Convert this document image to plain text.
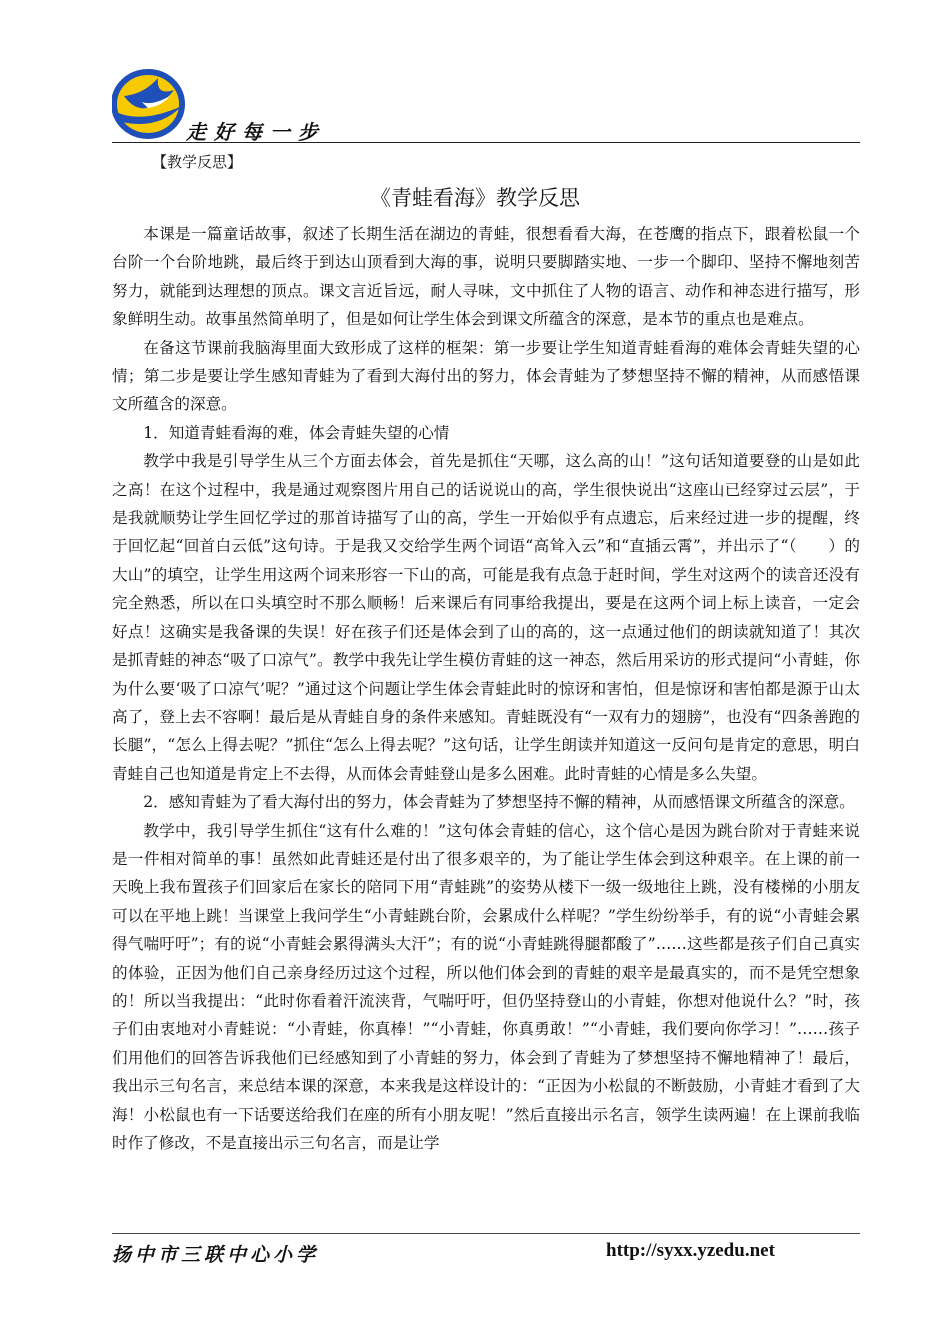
走好每一步
【教学反思】
《青蛙看海》教学反思

本课是一篇童话故事，叙述了长期生活在湖边的青蛙，很想看看大海，在苍鹰的指点下，跟着松鼠一个台阶一个台阶地跳，最后终于到达山顶看到大海的事，说明只要脚踏实地、一步一个脚印、坚持不懈地刻苦努力，就能到达理想的顶点。课文言近旨远，耐人寻味，文中抓住了人物的语言、动作和神态进行描写，形象鲜明生动。故事虽然简单明了，但是如何让学生体会到课文所蕴含的深意，是本节的重点也是难点。

在备这节课前我脑海里面大致形成了这样的框架：第一步要让学生知道青蛙看海的难体会青蛙失望的心情；第二步是要让学生感知青蛙为了看到大海付出的努力，体会青蛙为了梦想坚持不懈的精神，从而感悟课文所蕴含的深意。

1．知道青蛙看海的难，体会青蛙失望的心情

教学中我是引导学生从三个方面去体会，首先是抓住“天哪，这么高的山！”这句话知道要登的山是如此之高！在这个过程中，我是通过观察图片用自己的话说说山的高，学生很快说出“这座山已经穿过云层”，于是我就顺势让学生回忆学过的那首诗描写了山的高，学生一开始似乎有点遗忘，后来经过进一步的提醒，终于回忆起“回首白云低”这句诗。于是我又交给学生两个词语“高耸入云”和“直插云霄”，并出示了“（　　）的大山”的填空，让学生用这两个词来形容一下山的高，可能是我有点急于赶时间，学生对这两个的读音还没有完全熟悉，所以在口头填空时不那么顺畅！后来课后有同事给我提出，要是在这两个词上标上读音，一定会好点！这确实是我备课的失误！好在孩子们还是体会到了山的高的，这一点通过他们的朗读就知道了！其次是抓青蛙的神态“吸了口凉气”。教学中我先让学生模仿青蛙的这一神态，然后用采访的形式提问“小青蛙，你为什么要‘吸了口凉气’呢？”通过这个问题让学生体会青蛙此时的惊讶和害怕，但是惊讶和害怕都是源于山太高了，登上去不容啊！最后是从青蛙自身的条件来感知。青蛙既没有“一双有力的翅膀”，也没有“四条善跑的长腿”，“怎么上得去呢？”抓住“怎么上得去呢？”这句话，让学生朗读并知道这一反问句是肯定的意思，明白青蛙自己也知道是肯定上不去得，从而体会青蛙登山是多么困难。此时青蛙的心情是多么失望。

2．感知青蛙为了看大海付出的努力，体会青蛙为了梦想坚持不懈的精神，从而感悟课文所蕴含的深意。

教学中，我引导学生抓住“这有什么难的！”这句体会青蛙的信心，这个信心是因为跳台阶对于青蛙来说是一件相对简单的事！虽然如此青蛙还是付出了很多艰辛的，为了能让学生体会到这种艰辛。在上课的前一天晚上我布置孩子们回家后在家长的陪同下用“青蛙跳”的姿势从楼下一级一级地往上跳，没有楼梯的小朋友可以在平地上跳！当课堂上我问学生“小青蛙跳台阶，会累成什么样呢？”学生纷纷举手，有的说“小青蛙会累得气喘吁吁”；有的说“小青蛙会累得满头大汗”；有的说“小青蛙跳得腿都酸了”……这些都是孩子们自己真实的体验，正因为他们自己亲身经历过这个过程，所以他们体会到的青蛙的艰辛是最真实的，而不是凭空想象的！所以当我提出：“此时你看着汗流浃背，气喘吁吁，但仍坚持登山的小青蛙，你想对他说什么？”时，孩子们由衷地对小青蛙说：“小青蛙，你真棒！”“小青蛙，你真勇敢！”“小青蛙，我们要向你学习！”……孩子们用他们的回答告诉我他们已经感知到了小青蛙的努力，体会到了青蛙为了梦想坚持不懈地精神了！最后，我出示三句名言，来总结本课的深意，本来我是这样设计的：“正因为小松鼠的不断鼓励，小青蛙才看到了大海！小松鼠也有一下话要送给我们在座的所有小朋友呢！”然后直接出示名言，领学生读两遍！在上课前我临时作了修改，不是直接出示三句名言，而是让学

扬中市三联中心小学	http://syxx.yzedu.net
